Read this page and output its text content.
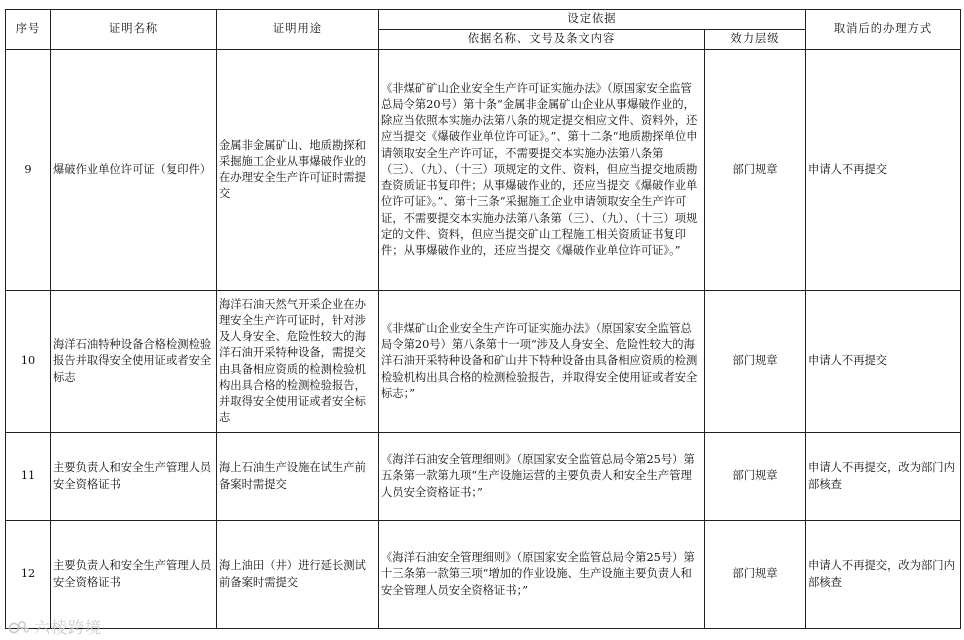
序号	证明名称	证明用途	设定依据		取消后的办理方式
			依据名称、文号及条文内容	效力层级	
9	爆破作业单位许可证（复印件）	金属非金属矿山、地质勘探和采掘施工企业从事爆破作业的在办理安全生产许可证时需提交	《非煤矿矿山企业安全生产许可证实施办法》（原国家安全监管总局令第20号）第十条“金属非金属矿山企业从事爆破作业的，除应当依照本实施办法第八条的规定提交相应文件、资料外，还应当提交《爆破作业单位许可证》。”、第十二条“地质勘探单位申请领取安全生产许可证，不需要提交本实施办法第八条第（三）、（九）、（十三）项规定的文件、资料，但应当提交地质勘查资质证书复印件；从事爆破作业的，还应当提交《爆破作业单位许可证》。”、第十三条“采掘施工企业申请领取安全生产许可证，不需要提交本实施办法第八条第（三）、（九）、（十三）项规定的文件、资料，但应当提交矿山工程施工相关资质证书复印件；从事爆破作业的，还应当提交《爆破作业单位许可证》。”	部门规章	申请人不再提交
10	海洋石油特种设备合格检测检验报告并取得安全使用证或者安全标志	海洋石油天然气开采企业在办理安全生产许可证时，针对涉及人身安全、危险性较大的海洋石油开采特种设备，需提交由具备相应资质的检测检验机构出具合格的检测检验报告，并取得安全使用证或者安全标志	《非煤矿山企业安全生产许可证实施办法》（原国家安全监管总局令第20号）第八条第十一项“涉及人身安全、危险性较大的海洋石油开采特种设备和矿山井下特种设备由具备相应资质的检测检验机构出具合格的检测检验报告，并取得安全使用证或者安全标志；”	部门规章	申请人不再提交
11	主要负责人和安全生产管理人员安全资格证书	海上石油生产设施在试生产前备案时需提交	《海洋石油安全管理细则》（原国家安全监管总局令第25号）第五条第一款第九项“生产设施运营的主要负责人和安全生产管理人员安全资格证书；”	部门规章	申请人不再提交，改为部门内部核查
12	主要负责人和安全生产管理人员安全资格证书	海上油田（井）进行延长测试前备案时需提交	《海洋石油安全管理细则》（原国家安全监管总局令第25号）第十三条第一款第三项“增加的作业设施、生产设施主要负责人和安全管理人员安全资格证书；”	部门规章	申请人不再提交，改为部门内部核查
六棱跨境
